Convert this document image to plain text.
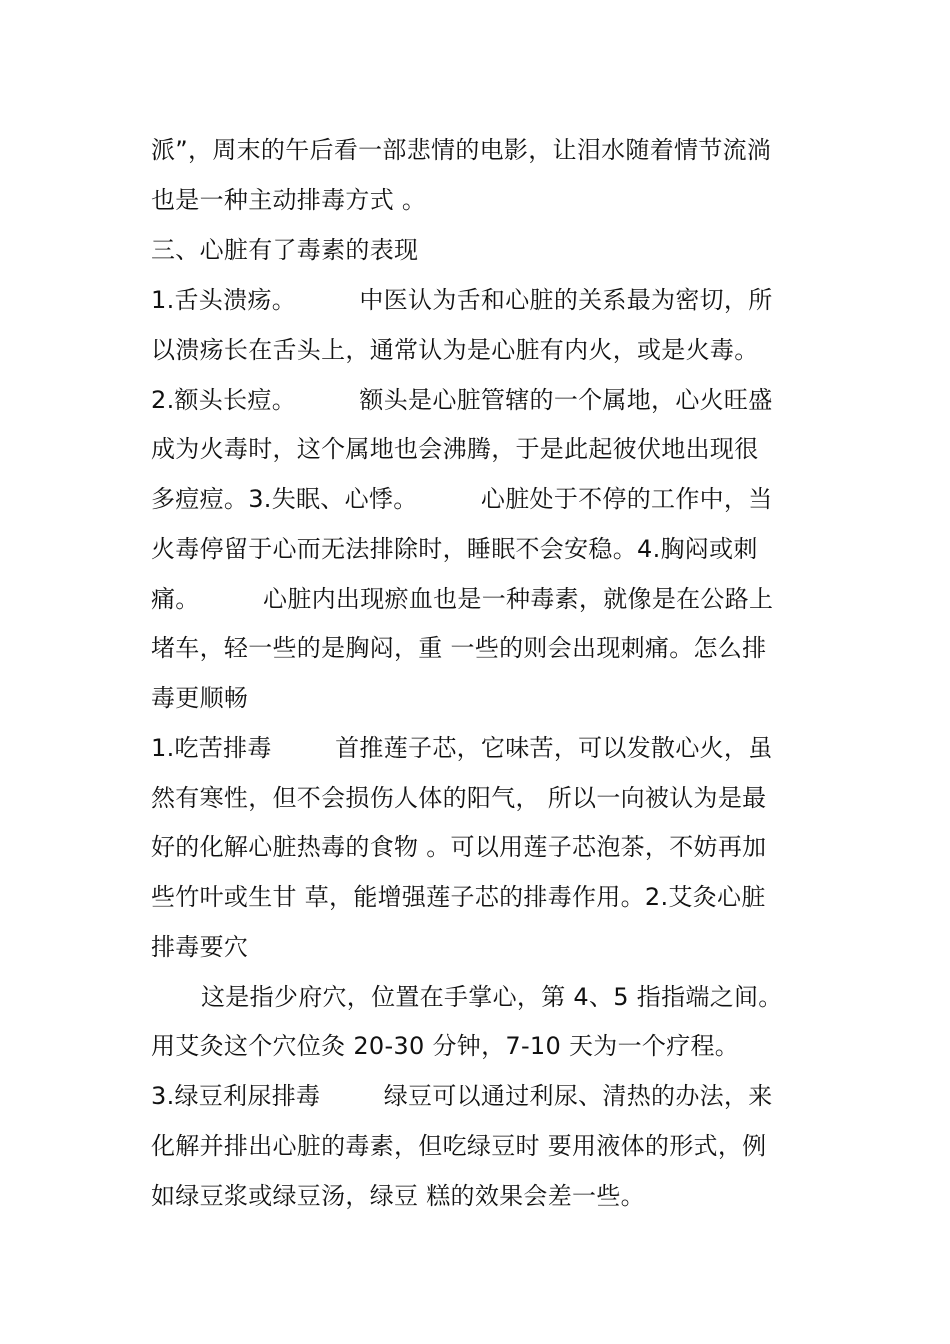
派”，周末的午后看一部悲情的电影，让泪水随着情节流淌
也是一种主动排毒方式 。
三、心脏有了毒素的表现
1.舌头溃疡。        中医认为舌和心脏的关系最为密切，所
以溃疡长在舌头上，通常认为是心脏有内火，或是火毒。
2.额头长痘。        额头是心脏管辖的一个属地，心火旺盛
成为火毒时，这个属地也会沸腾，于是此起彼伏地出现很
多痘痘。3.失眠、心悸。        心脏处于不停的工作中，当
火毒停留于心而无法排除时，睡眠不会安稳。4.胸闷或刺
痛。        心脏内出现瘀血也是一种毒素，就像是在公路上
堵车，轻一些的是胸闷，重 一些的则会出现刺痛。怎么排
毒更顺畅
1.吃苦排毒        首推莲子芯，它味苦，可以发散心火，虽
然有寒性，但不会损伤人体的阳气， 所以一向被认为是最
好的化解心脏热毒的食物 。可以用莲子芯泡茶，不妨再加
些竹叶或生甘 草，能增强莲子芯的排毒作用。2.艾灸心脏
排毒要穴
这是指少府穴，位置在手掌心，第 4、5 指指端之间。
用艾灸这个穴位灸 20-30 分钟，7-10 天为一个疗程。
3.绿豆利尿排毒        绿豆可以通过利尿、清热的办法，来
化解并排出心脏的毒素，但吃绿豆时 要用液体的形式，例
如绿豆浆或绿豆汤，绿豆 糕的效果会差一些。
